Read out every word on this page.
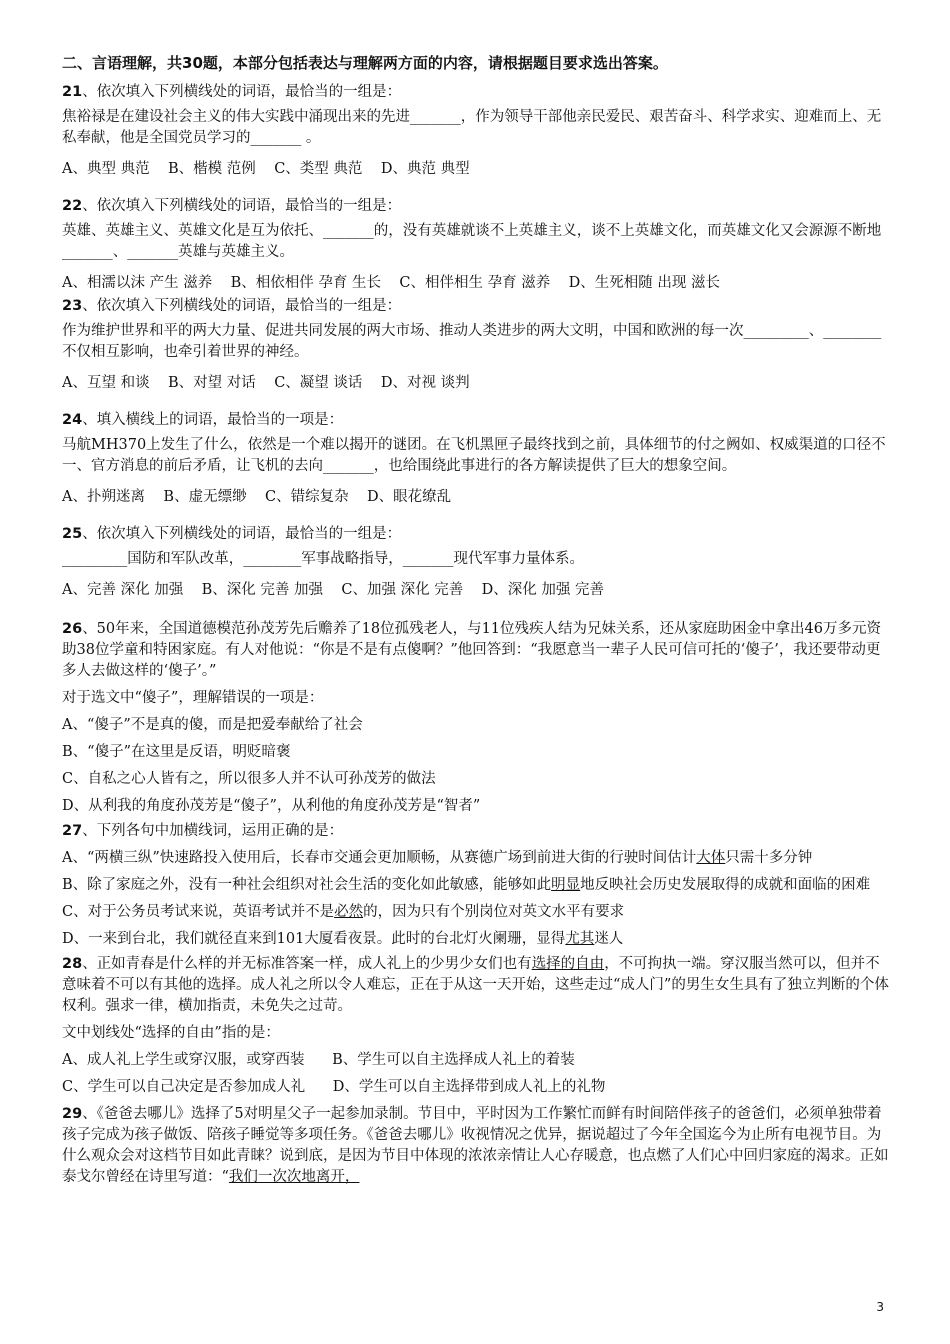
二、言语理解，共30题，本部分包括表达与理解两方面的内容，请根据题目要求选出答案。
21、依次填入下列横线处的词语，最恰当的一组是：
焦裕禄是在建设社会主义的伟大实践中涌现出来的先进_______，作为领导干部他亲民爱民、艰苦奋斗、科学求实、迎难而上、无私奉献，他是全国党员学习的_______ 。
A、典型 典范    B、楷模 范例    C、类型 典范    D、典范 典型
22、依次填入下列横线处的词语，最恰当的一组是：
英雄、英雄主义、英雄文化是互为依托、_______的，没有英雄就谈不上英雄主义，谈不上英雄文化，而英雄文化又会源源不断地_______、_______英雄与英雄主义。
A、相濡以沫 产生 滋养    B、相依相伴 孕育 生长    C、相伴相生 孕育 滋养    D、生死相随 出现 滋长
23、依次填入下列横线处的词语，最恰当的一组是：
作为维护世界和平的两大力量、促进共同发展的两大市场、推动人类进步的两大文明，中国和欧洲的每一次_________、________不仅相互影响，也牵引着世界的神经。
A、互望 和谈    B、对望 对话    C、凝望 谈话    D、对视 谈判
24、填入横线上的词语，最恰当的一项是：
马航MH370上发生了什么，依然是一个难以揭开的谜团。在飞机黑匣子最终找到之前，具体细节的付之阙如、权威渠道的口径不一、官方消息的前后矛盾，让飞机的去向_______，也给围绕此事进行的各方解读提供了巨大的想象空间。
A、扑朔迷离    B、虚无缥缈    C、错综复杂    D、眼花缭乱
25、依次填入下列横线处的词语，最恰当的一组是：
_________国防和军队改革，________军事战略指导，_______现代军事力量体系。
A、完善 深化 加强    B、深化 完善 加强    C、加强 深化 完善    D、深化 加强 完善
26、50年来，全国道德模范孙茂芳先后赡养了18位孤残老人，与11位残疾人结为兄妹关系，还从家庭助困金中拿出46万多元资助38位学童和特困家庭。有人对他说：“你是不是有点傻啊？”他回答到：“我愿意当一辈子人民可信可托的‘傻子’，我还要带动更多人去做这样的‘傻子’。”
对于选文中“傻子”，理解错误的一项是：
A、“傻子”不是真的傻，而是把爱奉献给了社会
B、“傻子”在这里是反语，明贬暗褒
C、自私之心人皆有之，所以很多人并不认可孙茂芳的做法
D、从利我的角度孙茂芳是“傻子”，从利他的角度孙茂芳是“智者”
27、下列各句中加横线词，运用正确的是：
A、“两横三纵”快速路投入使用后，长春市交通会更加顺畅，从赛德广场到前进大街的行驶时间估计大体只需十多分钟
B、除了家庭之外，没有一种社会组织对社会生活的变化如此敏感，能够如此明显地反映社会历史发展取得的成就和面临的困难
C、对于公务员考试来说，英语考试并不是必然的，因为只有个别岗位对英文水平有要求
D、一来到台北，我们就径直来到101大厦看夜景。此时的台北灯火阑珊，显得尤其迷人
28、正如青春是什么样的并无标准答案一样，成人礼上的少男少女们也有选择的自由，不可拘执一端。穿汉服当然可以，但并不意味着不可以有其他的选择。成人礼之所以令人难忘，正在于从这一天开始，这些走过“成人门”的男生女生具有了独立判断的个体权利。强求一律，横加指责，未免失之过苛。
文中划线处“选择的自由”指的是：
A、成人礼上学生或穿汉服，或穿西装      B、学生可以自主选择成人礼上的着装
C、学生可以自己决定是否参加成人礼      D、学生可以自主选择带到成人礼上的礼物
29、《爸爸去哪儿》选择了5对明星父子一起参加录制。节目中，平时因为工作繁忙而鲜有时间陪伴孩子的爸爸们，必须单独带着孩子完成为孩子做饭、陪孩子睡觉等多项任务。《爸爸去哪儿》收视情况之优异，据说超过了今年全国迄今为止所有电视节目。为什么观众会对这档节目如此青睐？说到底，是因为节目中体现的浓浓亲情让人心存暖意，也点燃了人们心中回归家庭的渴求。正如泰戈尔曾经在诗里写道：“我们一次次地离开，
3
